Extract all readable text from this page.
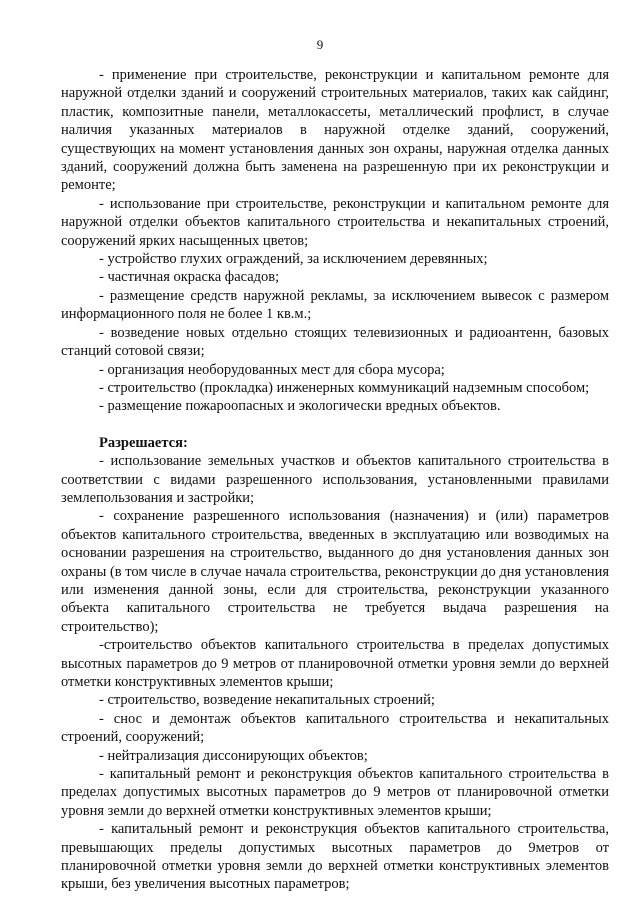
9

- применение при строительстве, реконструкции и капитальном ремонте для наружной отделки зданий и сооружений строительных материалов, таких как сайдинг, пластик, композитные панели, металлокассеты, металлический профлист, в случае наличия указанных материалов в наружной отделке зданий, сооружений, существующих на момент установления данных зон охраны, наружная отделка данных зданий, сооружений должна быть заменена на разрешенную при их реконструкции и ремонте;

- использование при строительстве, реконструкции и капитальном ремонте для наружной отделки объектов капитального строительства и некапитальных строений, сооружений ярких насыщенных цветов;

- устройство глухих ограждений, за исключением деревянных;

- частичная окраска фасадов;

- размещение средств наружной рекламы, за исключением вывесок с размером информационного поля не более 1 кв.м.;

- возведение новых отдельно стоящих телевизионных и радиоантенн, базовых станций сотовой связи;

- организация необорудованных мест для сбора мусора;

- строительство (прокладка) инженерных коммуникаций надземным способом;

- размещение пожароопасных и экологически вредных объектов.

Разрешается:

- использование земельных участков и объектов капитального строительства в соответствии с видами разрешенного использования, установленными правилами землепользования и застройки;

- сохранение разрешенного использования (назначения) и (или) параметров объектов капитального строительства, введенных в эксплуатацию или возводимых на основании разрешения на строительство, выданного до дня установления данных зон охраны (в том числе в случае начала строительства, реконструкции до дня установления или изменения данной зоны, если для строительства, реконструкции указанного объекта капитального строительства не требуется выдача разрешения на строительство);

-строительство объектов капитального строительства в пределах допустимых высотных параметров до 9 метров от планировочной отметки уровня земли до верхней отметки конструктивных элементов крыши;

- строительство, возведение некапитальных строений;

- снос и демонтаж объектов капитального строительства и некапитальных строений, сооружений;

- нейтрализация диссонирующих объектов;

- капитальный ремонт и реконструкция объектов капитального строительства в пределах допустимых высотных параметров до 9 метров от планировочной отметки уровня земли до верхней отметки конструктивных элементов крыши;

- капитальный ремонт и реконструкция объектов капитального строительства, превышающих пределы допустимых высотных параметров до 9метров от планировочной отметки уровня земли до верхней отметки конструктивных элементов крыши, без увеличения высотных параметров;
